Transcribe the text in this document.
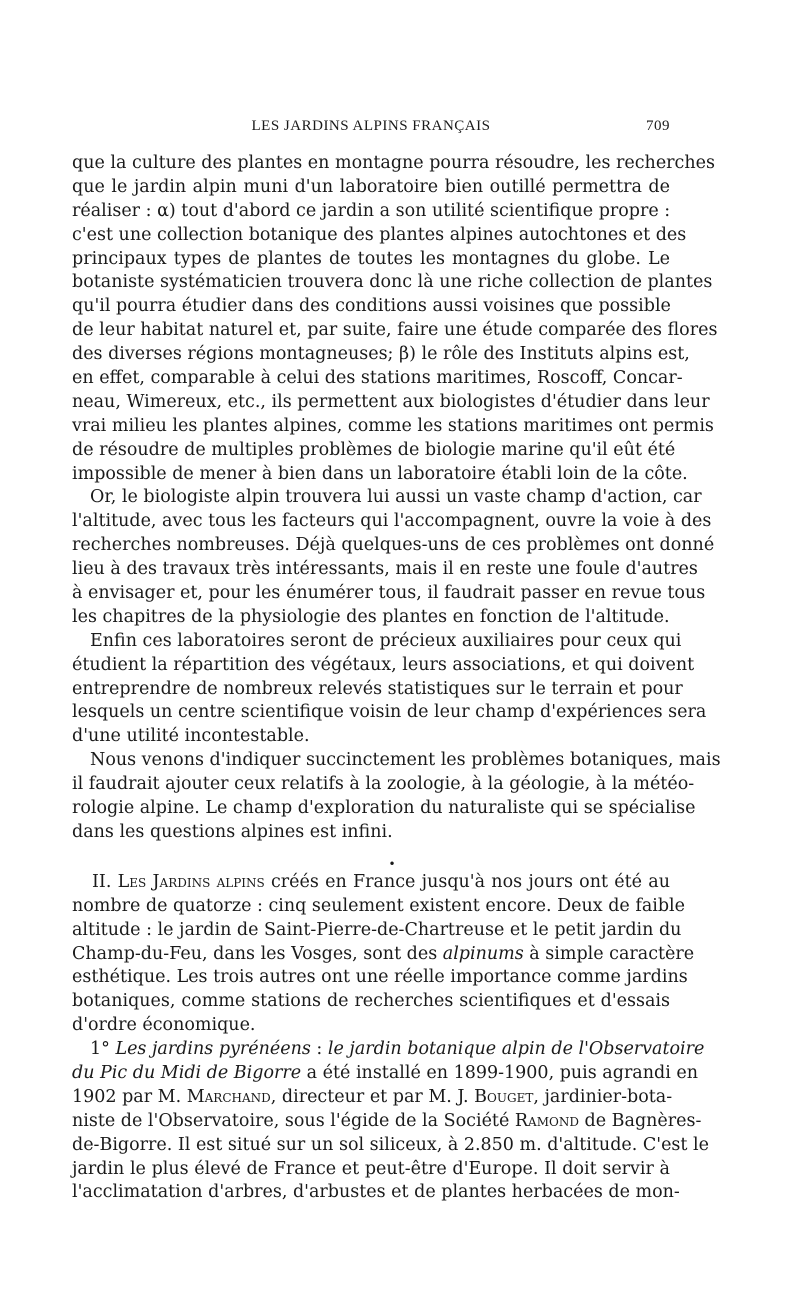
LES JARDINS ALPINS FRANÇAIS	709
que la culture des plantes en montagne pourra résoudre, les recherches
que le jardin alpin muni d'un laboratoire bien outillé permettra de
réaliser : α) tout d'abord ce jardin a son utilité scientifique propre :
c'est une collection botanique des plantes alpines autochtones et des
principaux types de plantes de toutes les montagnes du globe. Le
botaniste systématicien trouvera donc là une riche collection de plantes
qu'il pourra étudier dans des conditions aussi voisines que possible
de leur habitat naturel et, par suite, faire une étude comparée des flores
des diverses régions montagneuses; β) le rôle des Instituts alpins est,
en effet, comparable à celui des stations maritimes, Roscoff, Concar-
neau, Wimereux, etc., ils permettent aux biologistes d'étudier dans leur
vrai milieu les plantes alpines, comme les stations maritimes ont permis
de résoudre de multiples problèmes de biologie marine qu'il eût été
impossible de mener à bien dans un laboratoire établi loin de la côte.
Or, le biologiste alpin trouvera lui aussi un vaste champ d'action, car
l'altitude, avec tous les facteurs qui l'accompagnent, ouvre la voie à des
recherches nombreuses. Déjà quelques-uns de ces problèmes ont donné
lieu à des travaux très intéressants, mais il en reste une foule d'autres
à envisager et, pour les énumérer tous, il faudrait passer en revue tous
les chapitres de la physiologie des plantes en fonction de l'altitude.
Enfin ces laboratoires seront de précieux auxiliaires pour ceux qui
étudient la répartition des végétaux, leurs associations, et qui doivent
entreprendre de nombreux relevés statistiques sur le terrain et pour
lesquels un centre scientifique voisin de leur champ d'expériences sera
d'une utilité incontestable.
Nous venons d'indiquer succinctement les problèmes botaniques, mais
il faudrait ajouter ceux relatifs à la zoologie, à la géologie, à la météo-
rologie alpine. Le champ d'exploration du naturaliste qui se spécialise
dans les questions alpines est infini.
•
II. Les Jardins alpins créés en France jusqu'à nos jours ont été au
nombre de quatorze : cinq seulement existent encore. Deux de faible
altitude : le jardin de Saint-Pierre-de-Chartreuse et le petit jardin du
Champ-du-Feu, dans les Vosges, sont des alpinums à simple caractère
esthétique. Les trois autres ont une réelle importance comme jardins
botaniques, comme stations de recherches scientifiques et d'essais
d'ordre économique.
1° Les jardins pyrénéens : le jardin botanique alpin de l'Observatoire
du Pic du Midi de Bigorre a été installé en 1899-1900, puis agrandi en
1902 par M. Marchand, directeur et par M. J. Bouget, jardinier-bota-
niste de l'Observatoire, sous l'égide de la Société Ramond de Bagnères-
de-Bigorre. Il est situé sur un sol siliceux, à 2.850 m. d'altitude. C'est le
jardin le plus élevé de France et peut-être d'Europe. Il doit servir à
l'acclimatation d'arbres, d'arbustes et de plantes herbacées de mon-
